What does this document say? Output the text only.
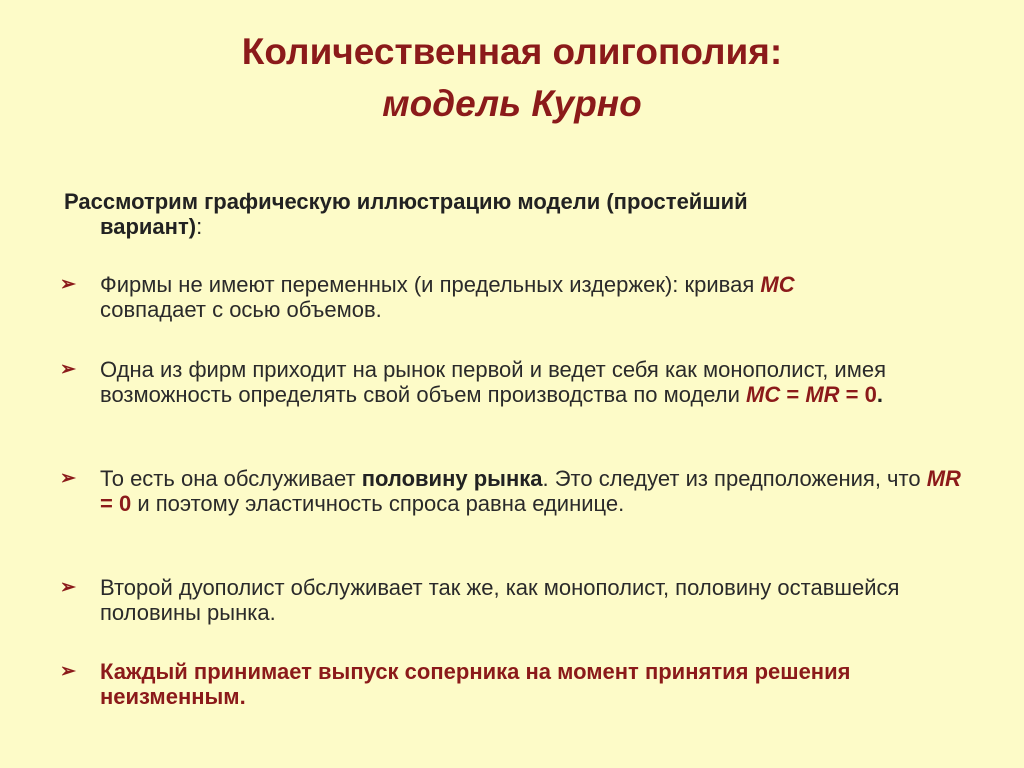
Количественная олигополия:
модель Курно
Рассмотрим графическую иллюстрацию модели (простейший
вариант):
➢ Фирмы не имеют переменных (и предельных издержек): кривая MC
совпадает с осью объемов.
➢ Одна из фирм приходит на рынок первой и ведет себя как монополист, имея возможность определять свой объем производства по модели MC = MR = 0.
➢ То есть она обслуживает половину рынка. Это следует из предположения, что MR = 0 и поэтому эластичность спроса равна единице.
➢ Второй дуополист обслуживает так же, как монополист, половину оставшейся половины рынка.
➢ Каждый принимает выпуск соперника на момент принятия решения неизменным.
